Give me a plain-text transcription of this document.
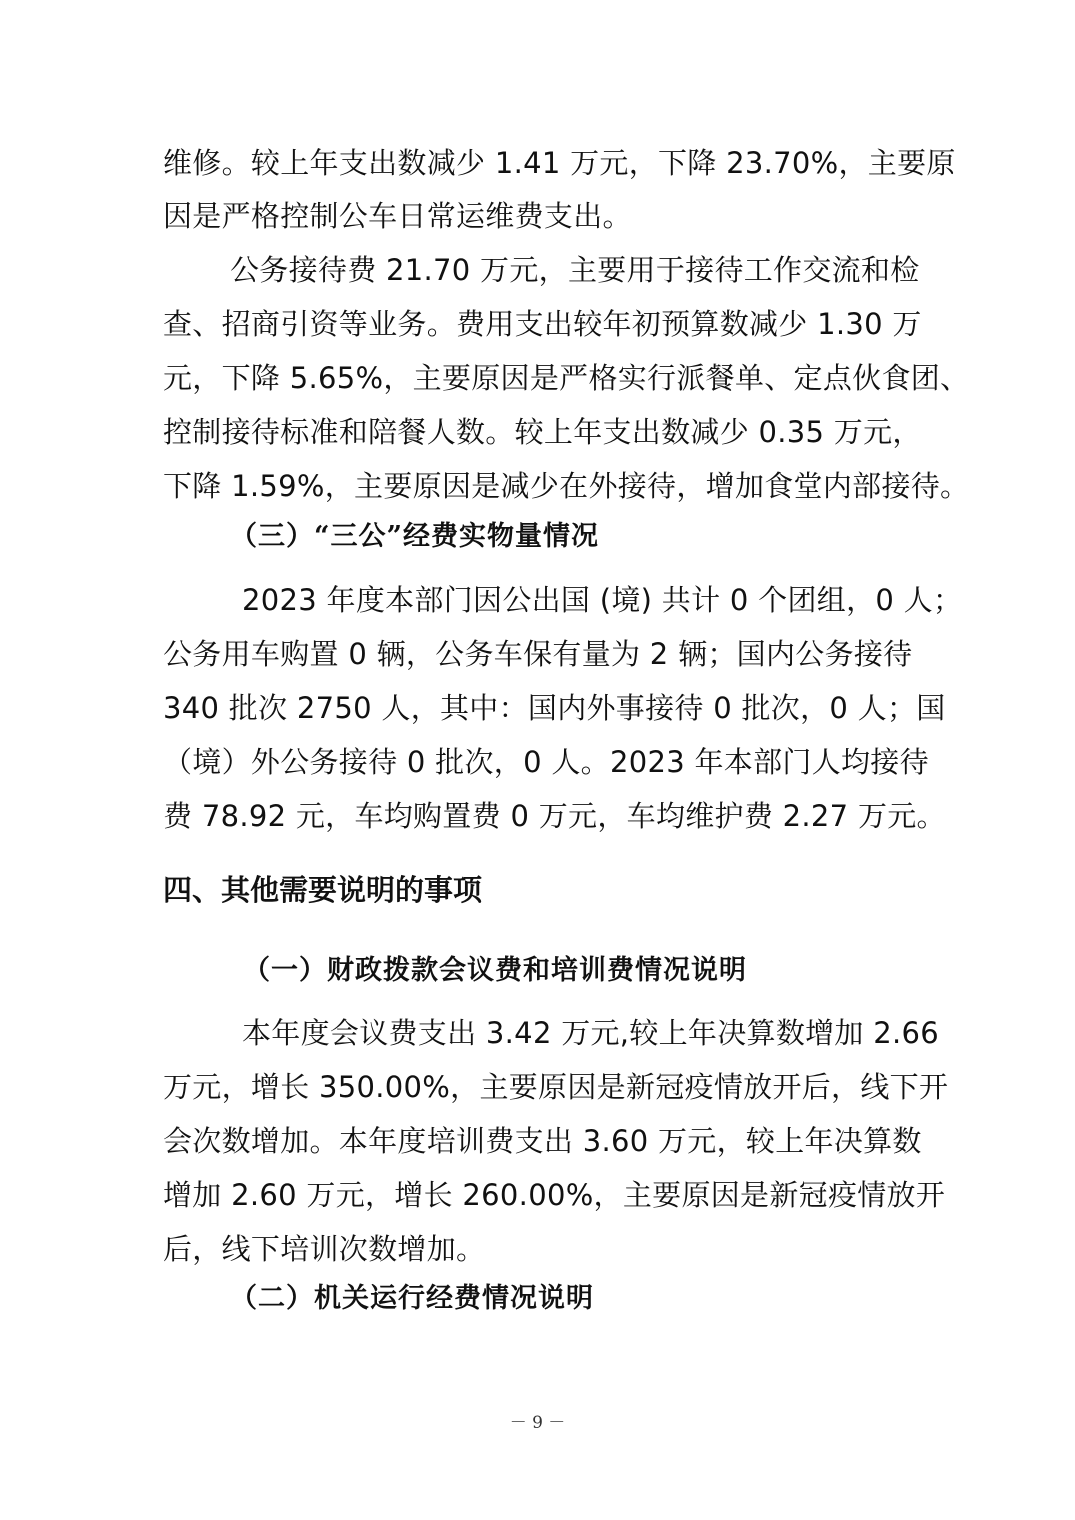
维修。较上年支出数减少 1.41 万元，下降 23.70%，主要原
因是严格控制公车日常运维费支出。
公务接待费 21.70 万元，主要用于接待工作交流和检
查、招商引资等业务。费用支出较年初预算数减少 1.30 万
元，下降 5.65%，主要原因是严格实行派餐单、定点伙食团、
控制接待标准和陪餐人数。较上年支出数减少 0.35 万元，
下降 1.59%，主要原因是减少在外接待，增加食堂内部接待。
（三）“三公”经费实物量情况
2023 年度本部门因公出国 (境) 共计 0 个团组，0 人；
公务用车购置 0 辆，公务车保有量为 2 辆；国内公务接待
340 批次 2750 人，其中：国内外事接待 0 批次，0 人；国
（境）外公务接待 0 批次，0 人。2023 年本部门人均接待
费 78.92 元，车均购置费 0 万元，车均维护费 2.27 万元。
四、其他需要说明的事项
（一）财政拨款会议费和培训费情况说明
本年度会议费支出 3.42 万元,较上年决算数增加 2.66
万元，增长 350.00%，主要原因是新冠疫情放开后，线下开
会次数增加。本年度培训费支出 3.60 万元，较上年决算数
增加 2.60 万元，增长 260.00%，主要原因是新冠疫情放开
后，线下培训次数增加。
（二）机关运行经费情况说明
－ 9 －
